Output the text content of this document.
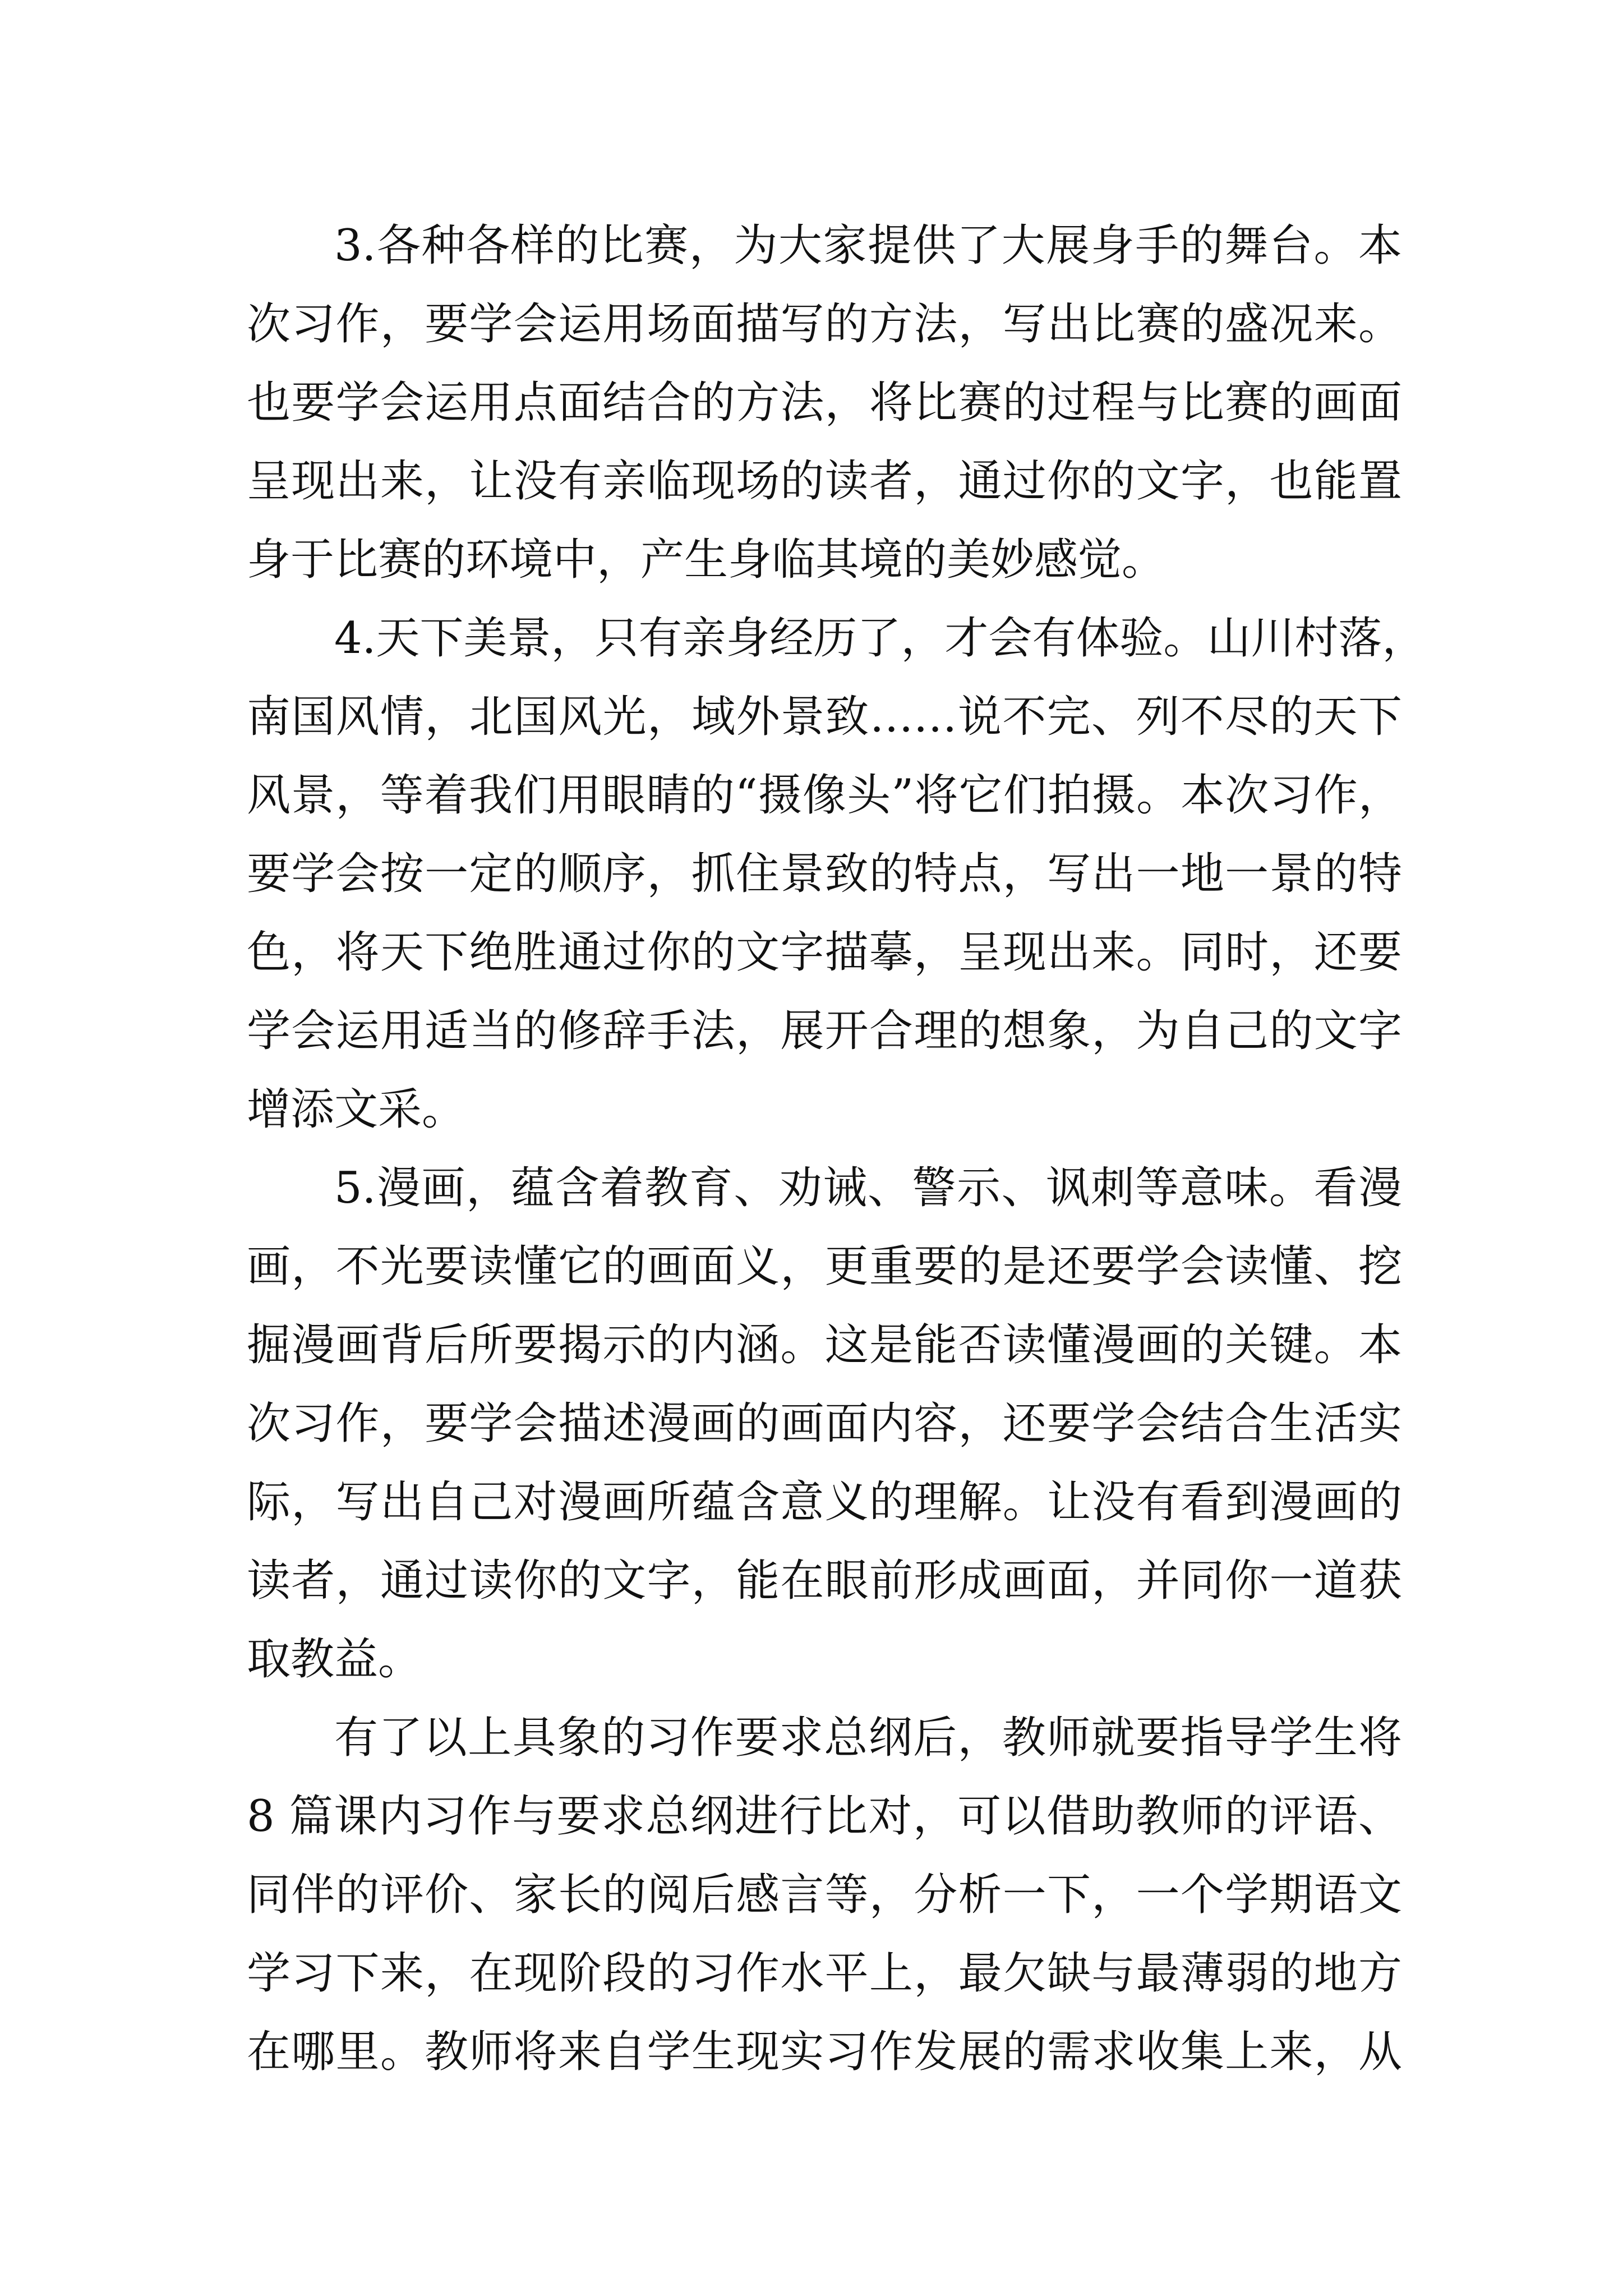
3.各种各样的比赛，为大家提供了大展身手的舞台。本
次习作，要学会运用场面描写的方法，写出比赛的盛况来。
也要学会运用点面结合的方法，将比赛的过程与比赛的画面
呈现出来，让没有亲临现场的读者，通过你的文字，也能置
身于比赛的环境中，产生身临其境的美妙感觉。
4.天下美景，只有亲身经历了，才会有体验。山川村落，
南国风情，北国风光，域外景致……说不完、列不尽的天下
风景，等着我们用眼睛的“摄像头”将它们拍摄。本次习作，
要学会按一定的顺序，抓住景致的特点，写出一地一景的特
色，将天下绝胜通过你的文字描摹，呈现出来。同时，还要
学会运用适当的修辞手法，展开合理的想象，为自己的文字
增添文采。
5.漫画，蕴含着教育、劝诫、警示、讽刺等意味。看漫
画，不光要读懂它的画面义，更重要的是还要学会读懂、挖
掘漫画背后所要揭示的内涵。这是能否读懂漫画的关键。本
次习作，要学会描述漫画的画面内容，还要学会结合生活实
际，写出自己对漫画所蕴含意义的理解。让没有看到漫画的
读者，通过读你的文字，能在眼前形成画面，并同你一道获
取教益。
有了以上具象的习作要求总纲后，教师就要指导学生将
8 篇课内习作与要求总纲进行比对，可以借助教师的评语、
同伴的评价、家长的阅后感言等，分析一下，一个学期语文
学习下来，在现阶段的习作水平上，最欠缺与最薄弱的地方
在哪里。教师将来自学生现实习作发展的需求收集上来，从
